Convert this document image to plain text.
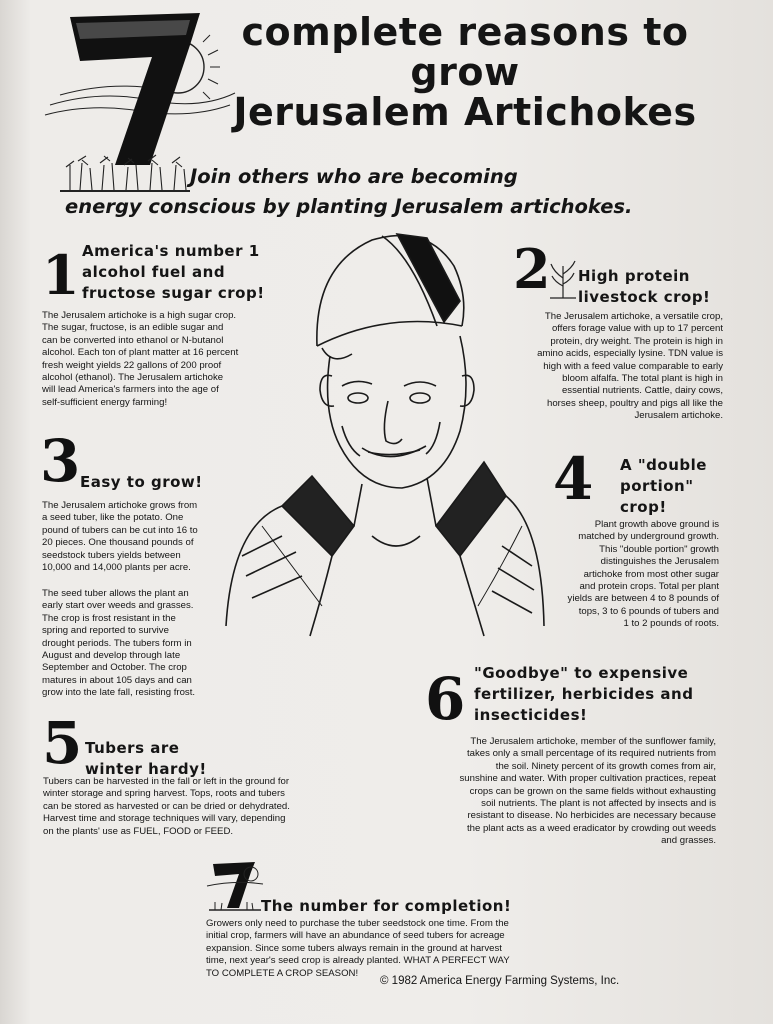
complete reasons to
grow
Jerusalem Artichokes
Join others who are becoming
energy conscious by planting Jerusalem artichokes.
1 America's number 1
alcohol fuel and
fructose sugar crop!
The Jerusalem artichoke is a high sugar crop.
The sugar, fructose, is an edible sugar and
can be converted into ethanol or N-butanol
alcohol. Each ton of plant matter at 16 percent
fresh weight yields 22 gallons of 200 proof
alcohol (ethanol). The Jerusalem artichoke
will lead America's farmers into the age of
self-sufficient energy farming!
2 High protein
livestock crop!
The Jerusalem artichoke, a versatile crop,
offers forage value with up to 17 percent
protein, dry weight. The protein is high in
amino acids, especially lysine. TDN value is
high with a feed value comparable to early
bloom alfalfa. The total plant is high in
essential nutrients. Cattle, dairy cows,
horses sheep, poultry and pigs all like the
Jerusalem artichoke.
3 Easy to grow!
The Jerusalem artichoke grows from
a seed tuber, like the potato. One
pound of tubers can be cut into 16 to
20 pieces. One thousand pounds of
seedstock tubers yields between
10,000 and 14,000 plants per acre.
The seed tuber allows the plant an
early start over weeds and grasses.
The crop is frost resistant in the
spring and reported to survive
drought periods. The tubers form in
August and develop through late
September and October. The crop
matures in about 105 days and can
grow into the late fall, resisting frost.
4 A "double
portion"
crop!
Plant growth above ground is
matched by underground growth.
This "double portion" growth
distinguishes the Jerusalem
artichoke from most other sugar
and protein crops. Total per plant
yields are between 4 to 8 pounds of
tops, 3 to 6 pounds of tubers and
1 to 2 pounds of roots.
5 Tubers are
winter hardy!
Tubers can be harvested in the fall or left in the ground for
winter storage and spring harvest. Tops, roots and tubers
can be stored as harvested or can be dried or dehydrated.
Harvest time and storage techniques will vary, depending
on the plants' use as FUEL, FOOD or FEED.
6 "Goodbye" to expensive
fertilizer, herbicides and
insecticides!
The Jerusalem artichoke, member of the sunflower family,
takes only a small percentage of its required nutrients from
the soil. Ninety percent of its growth comes from air,
sunshine and water. With proper cultivation practices, repeat
crops can be grown on the same fields without exhausting
soil nutrients. The plant is not affected by insects and is
resistant to disease. No herbicides are necessary because
the plant acts as a weed eradicator by crowding out weeds
and grasses.
The number for completion!
Growers only need to purchase the tuber seedstock one time. From the
initial crop, farmers will have an abundance of seed tubers for acreage
expansion. Since some tubers always remain in the ground at harvest
time, next year's seed crop is already planted. WHAT A PERFECT WAY
TO COMPLETE A CROP SEASON!
© 1982 America Energy Farming Systems, Inc.
